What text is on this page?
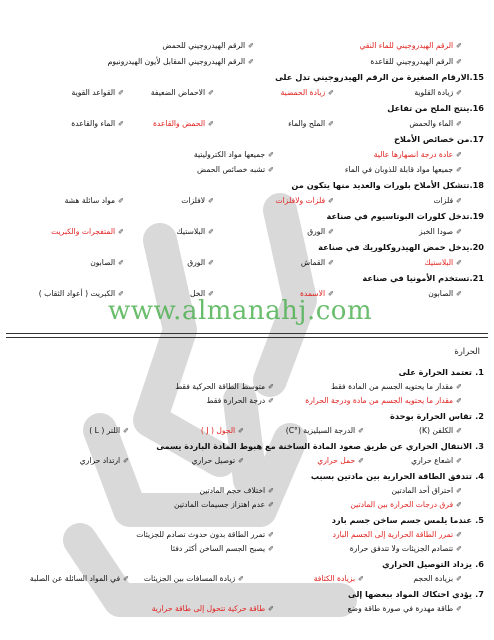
www.almanahj.com
✐الرقم الهيدروجيني للماء النقي
✐الرقم الهيدروجيني للحمض
✐الرقم الهيدروجيني للقاعدة
✐الرقم الهيدروجيني المقابل لأيون الهيدرونيوم
15.الارقام الصغيرة من الرقم الهيدروجيني تدل على
✐زيادة القلوية
✐زيادة الحمضية
✐الاحماض الضعيفة
✐القواعد القوية
16.ينتج الملح من تفاعل
✐الماء والحمض
✐الملح والماء
✐الحمض والقاعدة
✐الماء والقاعدة
17.من خصائص الأملاح
✐عادة درجة انصهارها عالية
✐جميعها مواد الكتروليتية
✐جميعها مواد قابلة للذوبان في الماء
✐تشبه خصائص الحمض
18.تتشكل الأملاح بلورات والعديد منها يتكون من
✐فلزات
✐فلزات ولافلزات
✐لافلزات
✐مواد سائلة هشة
19.تدخل كلورات البوتاسيوم في صناعة
✐صودا الخبز
✐الورق
✐البلاستيك
✐المتفجرات والكبريت
20.يدخل حمض الهيدروكلوريك في صناعة
✐البلاستيك
✐القماش
✐الورق
✐الصابون
21.تستخدم الأمونيا في صناعة
✐الصابون
✐الاسمدة
✐الخل
✐الكبريت ( أعواد الثقاب )
الحرارة
1.تعتمد الحرارة على
✐مقدار ما يحتويه الجسم من المادة فقط
✐متوسط الطاقة الحركية فقط
✐مقدار ما يحتويه الجسم من مادة ودرجة الحرارة
✐درجة الحرارة فقط
2.تقاس الحرارة بوحدة
✐الكلفن (K)
✐الدرجة السيليزية (°C)
✐الجول ( J )
✐اللتر ( L )
3.الانتقال الحراري عن طريق صعود المادة الساخنة مع هبوط المادة الباردة يسمى
✐اشعاع حراري
✐حمل حراري
✐توصيل حراري
✐ارتداد حراري
4.تتدفق الطاقة الحرارية بين مادتين بسبب
✐احتراق أحد المادتين
✐اختلاف حجم المادتين
✐فرق درجات الحرارة بين المادتين
✐عدم اهتزاز جسيمات المادتين
5.عندما يلمس جسم ساخن جسم بارد
✐تمرر الطاقة الحرارية إلى الجسم البارد
✐تمرر الطاقة بدون حدوث تصادم للجزيئات
✐تتصادم الجزيئات ولا تتدفق حرارة
✐يصبح الجسم الساخن أكثر دفئا
6.يزداد التوصيل الحراري
✐بزيادة الحجم
✐بزيادة الكثافة
✐زيادة المسافات بين الجزيئات
✐في المواد السائلة عن الصلبة
7.يؤدي احتكاك المواد ببعضها إلى
✐طاقة مهدرة في صورة طاقة وضع
✐طاقة حركية تتحول إلى طاقة حرارية
